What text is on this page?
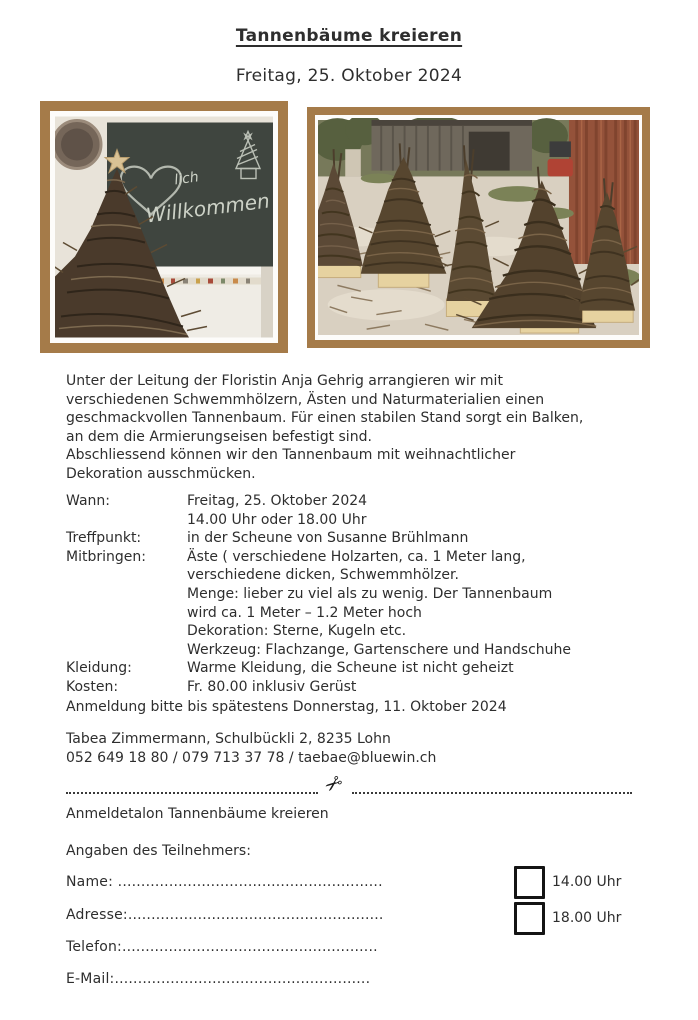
Tannenbäume kreieren
Freitag, 25. Oktober 2024
lich
Willkommen
Unter der Leitung der Floristin Anja Gehrig arrangieren wir mit
verschiedenen Schwemmhölzern, Ästen und Naturmaterialien einen
geschmackvollen Tannenbaum. Für einen stabilen Stand sorgt ein Balken,
an dem die Armierungseisen befestigt sind.
Abschliessend können wir den Tannenbaum mit weihnachtlicher
Dekoration ausschmücken.
Wann:	Freitag, 25. Oktober 2024
14.00 Uhr oder 18.00 Uhr
Treffpunkt:	in der Scheune von Susanne Brühlmann
Mitbringen:	Äste ( verschiedene Holzarten, ca. 1 Meter lang,
verschiedene dicken, Schwemmhölzer.
Menge: lieber zu viel als zu wenig. Der Tannenbaum
wird ca. 1 Meter – 1.2 Meter hoch
Dekoration: Sterne, Kugeln etc.
Werkzeug: Flachzange, Gartenschere und Handschuhe
Kleidung:	Warme Kleidung, die Scheune ist nicht geheizt
Kosten:	Fr. 80.00 inklusiv Gerüst
Anmeldung bitte bis spätestens Donnerstag, 11. Oktober 2024
Tabea Zimmermann, Schulbückli 2, 8235 Lohn
052 649 18 80 / 079 713 37 78 / taebae@bluewin.ch
✂
Anmeldetalon Tannenbäume kreieren
Angaben des Teilnehmers:
Name: .........................................................
Adresse:.......................................................
Telefon:.......................................................
E-Mail:.......................................................
14.00 Uhr
18.00 Uhr
